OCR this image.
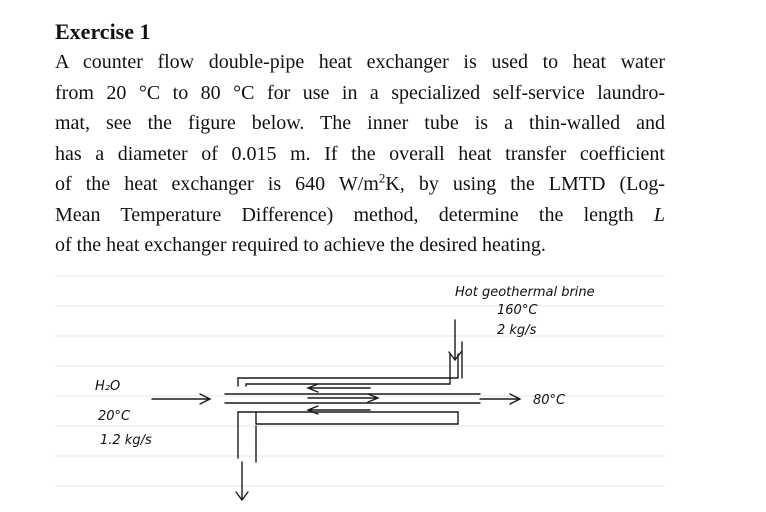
Exercise 1
A counter flow double-pipe heat exchanger is used to heat water
from 20 °C to 80 °C for use in a specialized self-service laundro-
mat, see the figure below. The inner tube is a thin-walled and
has a diameter of 0.015 m. If the overall heat transfer coefficient
of the heat exchanger is 640 $W/m^2K$, by using the LMTD (Log-
Mean Temperature Difference) method, determine the length L
of the heat exchanger required to achieve the desired heating.
Hot geothermal brine
160°C
2 kg/s
H₂O
20°C
1.2 kg/s
80°C
